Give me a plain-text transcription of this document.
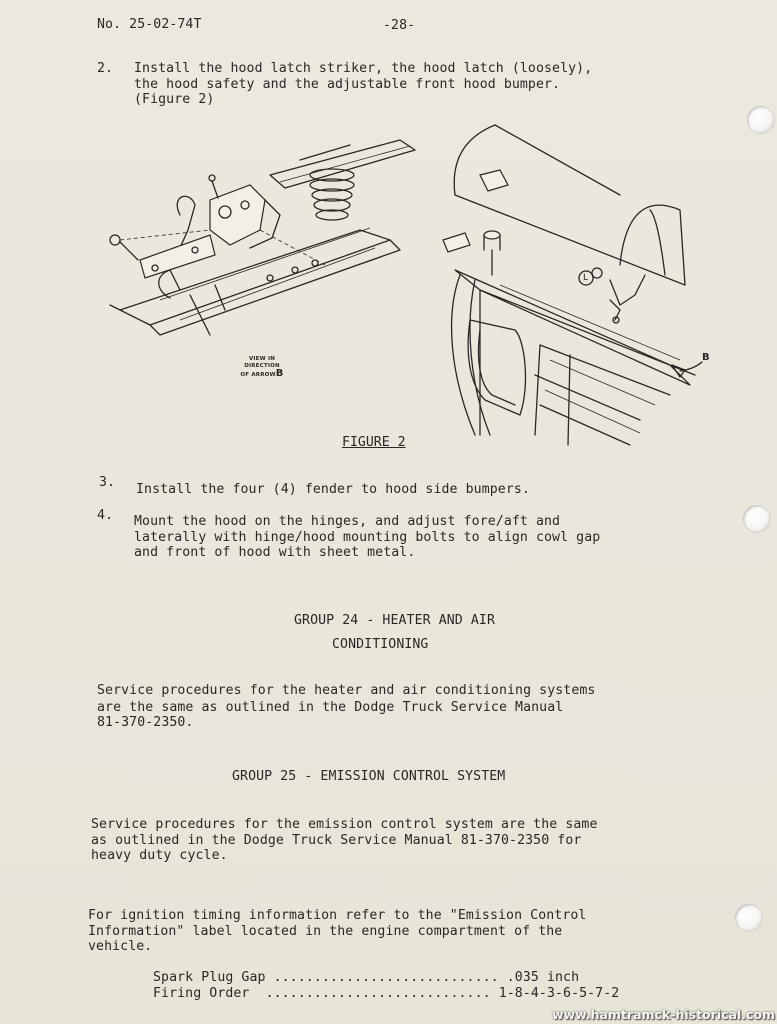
No. 25-02-74T	-28-
2. Install the hood latch striker, the hood latch (loosely),
the hood safety and the adjustable front hood bumper.
(Figure 2)
VIEW IN DIRECTION
OF ARROWB
L
B
FIGURE 2
3. Install the four (4) fender to hood side bumpers.
4. Mount the hood on the hinges, and adjust fore/aft and
laterally with hinge/hood mounting bolts to align cowl gap
and front of hood with sheet metal.
GROUP 24 - HEATER AND AIR
CONDITIONING
Service procedures for the heater and air conditioning systems
are the same as outlined in the Dodge Truck Service Manual
81-370-2350.
GROUP 25 - EMISSION CONTROL SYSTEM
Service procedures for the emission control system are the same
as outlined in the Dodge Truck Service Manual 81-370-2350 for
heavy duty cycle.
For ignition timing information refer to the "Emission Control
Information" label located in the engine compartment of the
vehicle.
Spark Plug Gap ............................ .035 inch
Firing Order  ............................ 1-8-4-3-6-5-7-2
www.hamtramck-historical.com
